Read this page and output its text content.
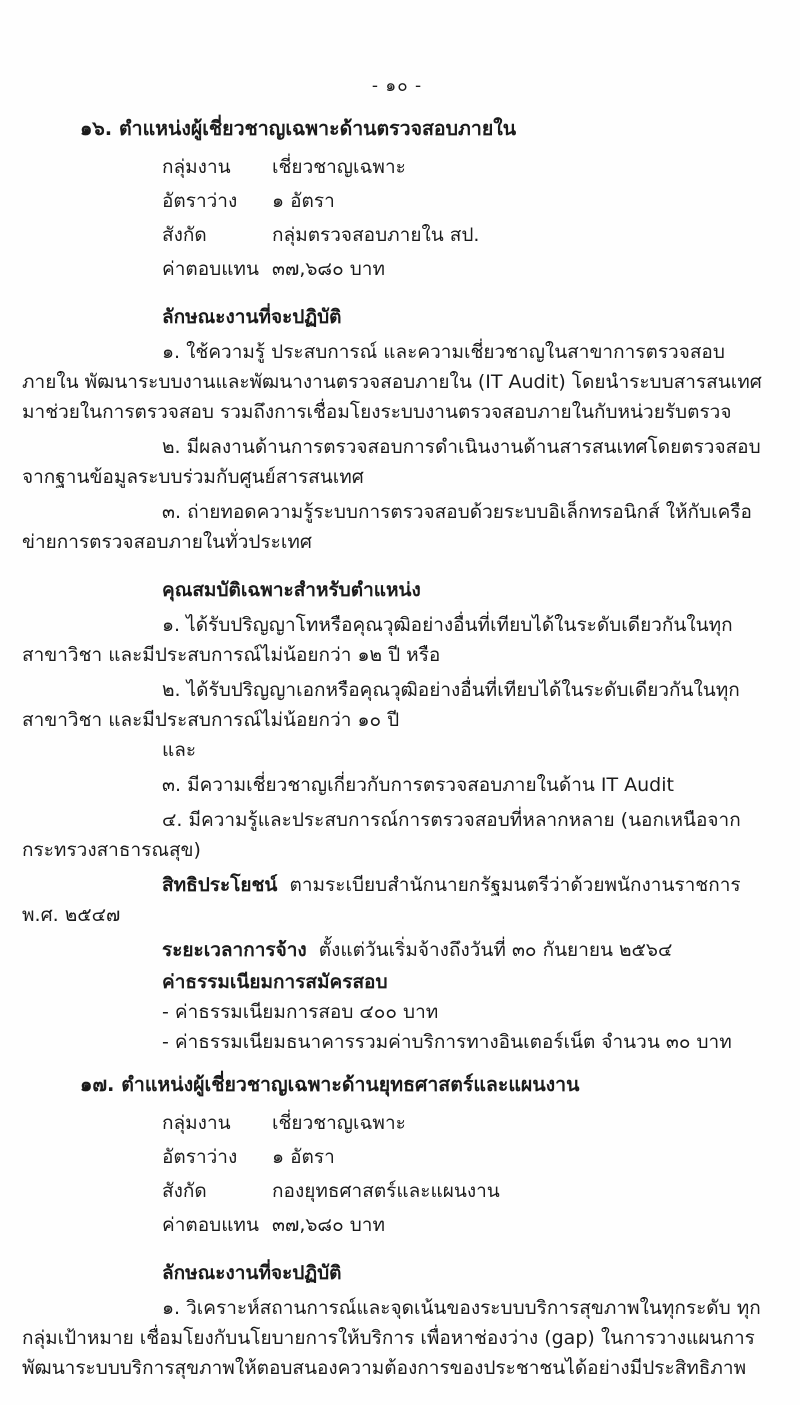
- ๑๐ -
๑๖. ตำแหน่งผู้เชี่ยวชาญเฉพาะด้านตรวจสอบภายใน
กลุ่มงาน เชี่ยวชาญเฉพาะ
อัตราว่าง ๑ อัตรา
สังกัด	กลุ่มตรวจสอบภายใน สป.
ค่าตอบแทน ๓๗,๖๘๐ บาท
ลักษณะงานที่จะปฏิบัติ

๑. ใช้ความรู้ ประสบการณ์ และความเชี่ยวชาญในสาขาการตรวจสอบภายใน พัฒนาระบบงานและพัฒนางานตรวจสอบภายใน (IT Audit) โดยนำระบบสารสนเทศมาช่วยในการตรวจสอบ รวมถึงการเชื่อมโยงระบบงานตรวจสอบภายในกับหน่วยรับตรวจ

๒. มีผลงานด้านการตรวจสอบการดำเนินงานด้านสารสนเทศโดยตรวจสอบจากฐานข้อมูลระบบร่วมกับศูนย์สารสนเทศ

๓. ถ่ายทอดความรู้ระบบการตรวจสอบด้วยระบบอิเล็กทรอนิกส์ ให้กับเครือข่ายการตรวจสอบภายในทั่วประเทศ

คุณสมบัติเฉพาะสำหรับตำแหน่ง

๑. ได้รับปริญญาโทหรือคุณวุฒิอย่างอื่นที่เทียบได้ในระดับเดียวกันในทุกสาขาวิชา และมีประสบการณ์ไม่น้อยกว่า ๑๒ ปี หรือ

๒. ได้รับปริญญาเอกหรือคุณวุฒิอย่างอื่นที่เทียบได้ในระดับเดียวกันในทุกสาขาวิชา และมีประสบการณ์ไม่น้อยกว่า ๑๐ ปี

และ

๓. มีความเชี่ยวชาญเกี่ยวกับการตรวจสอบภายในด้าน IT Audit

๔. มีความรู้และประสบการณ์การตรวจสอบที่หลากหลาย (นอกเหนือจากกระทรวงสาธารณสุข)

สิทธิประโยชน์ ตามระเบียบสำนักนายกรัฐมนตรีว่าด้วยพนักงานราชการ พ.ศ. ๒๕๔๗

ระยะเวลาการจ้าง ตั้งแต่วันเริ่มจ้างถึงวันที่ ๓๐ กันยายน ๒๕๖๔

ค่าธรรมเนียมการสมัครสอบ
- ค่าธรรมเนียมการสอบ ๔๐๐ บาท
- ค่าธรรมเนียมธนาคารรวมค่าบริการทางอินเตอร์เน็ต จำนวน ๓๐ บาท
๑๗. ตำแหน่งผู้เชี่ยวชาญเฉพาะด้านยุทธศาสตร์และแผนงาน
กลุ่มงาน เชี่ยวชาญเฉพาะ
อัตราว่าง ๑ อัตรา
สังกัด	กองยุทธศาสตร์และแผนงาน
ค่าตอบแทน ๓๗,๖๘๐ บาท
ลักษณะงานที่จะปฏิบัติ

๑. วิเคราะห์สถานการณ์และจุดเน้นของระบบบริการสุขภาพในทุกระดับ ทุกกลุ่มเป้าหมาย เชื่อมโยงกับนโยบายการให้บริการ เพื่อหาช่องว่าง (gap) ในการวางแผนการพัฒนาระบบบริการสุขภาพให้ตอบสนองความต้องการของประชาชนได้อย่างมีประสิทธิภาพ
